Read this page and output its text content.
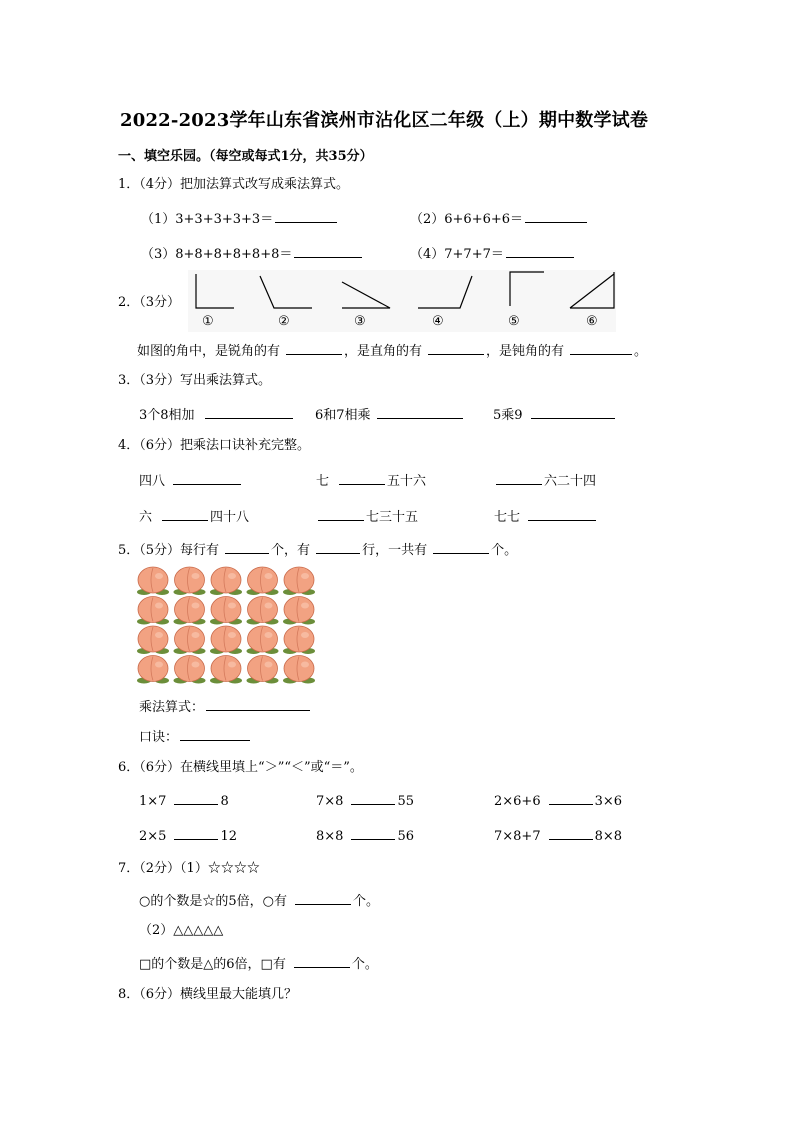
2022-2023学年山东省滨州市沾化区二年级（上）期中数学试卷
一、填空乐园。（每空或每式1分，共35分）
1．（4分）把加法算式改写成乘法算式。
（1）3+3+3+3+3＝	（2）6+6+6+6＝
（3）8+8+8+8+8+8＝	（4）7+7+7＝
2．（3分）
①	②	③	④	⑤	⑥
如图的角中，是锐角的有	，是直角的有	，是钝角的有	。
3．（3分）写出乘法算式。
3个8相加	6和7相乘	5乘9
4．（6分）把乘法口诀补充完整。
四八	七	五十六	六二十四
六	四十八	七三十五	七七
5．（5分）每行有	个，有	行，一共有	个。
乘法算式：
口诀：
6．（6分）在横线里填上“＞”“＜”或“＝”。
1×7	8	7×8	55	2×6+6	3×6
2×5	12	8×8	56	7×8+7	8×8
7．（2分）（1）☆☆☆☆
○的个数是☆的5倍，○有	个。
（2）△△△△△
□的个数是△的6倍，□有	个。
8．（6分）横线里最大能填几？
